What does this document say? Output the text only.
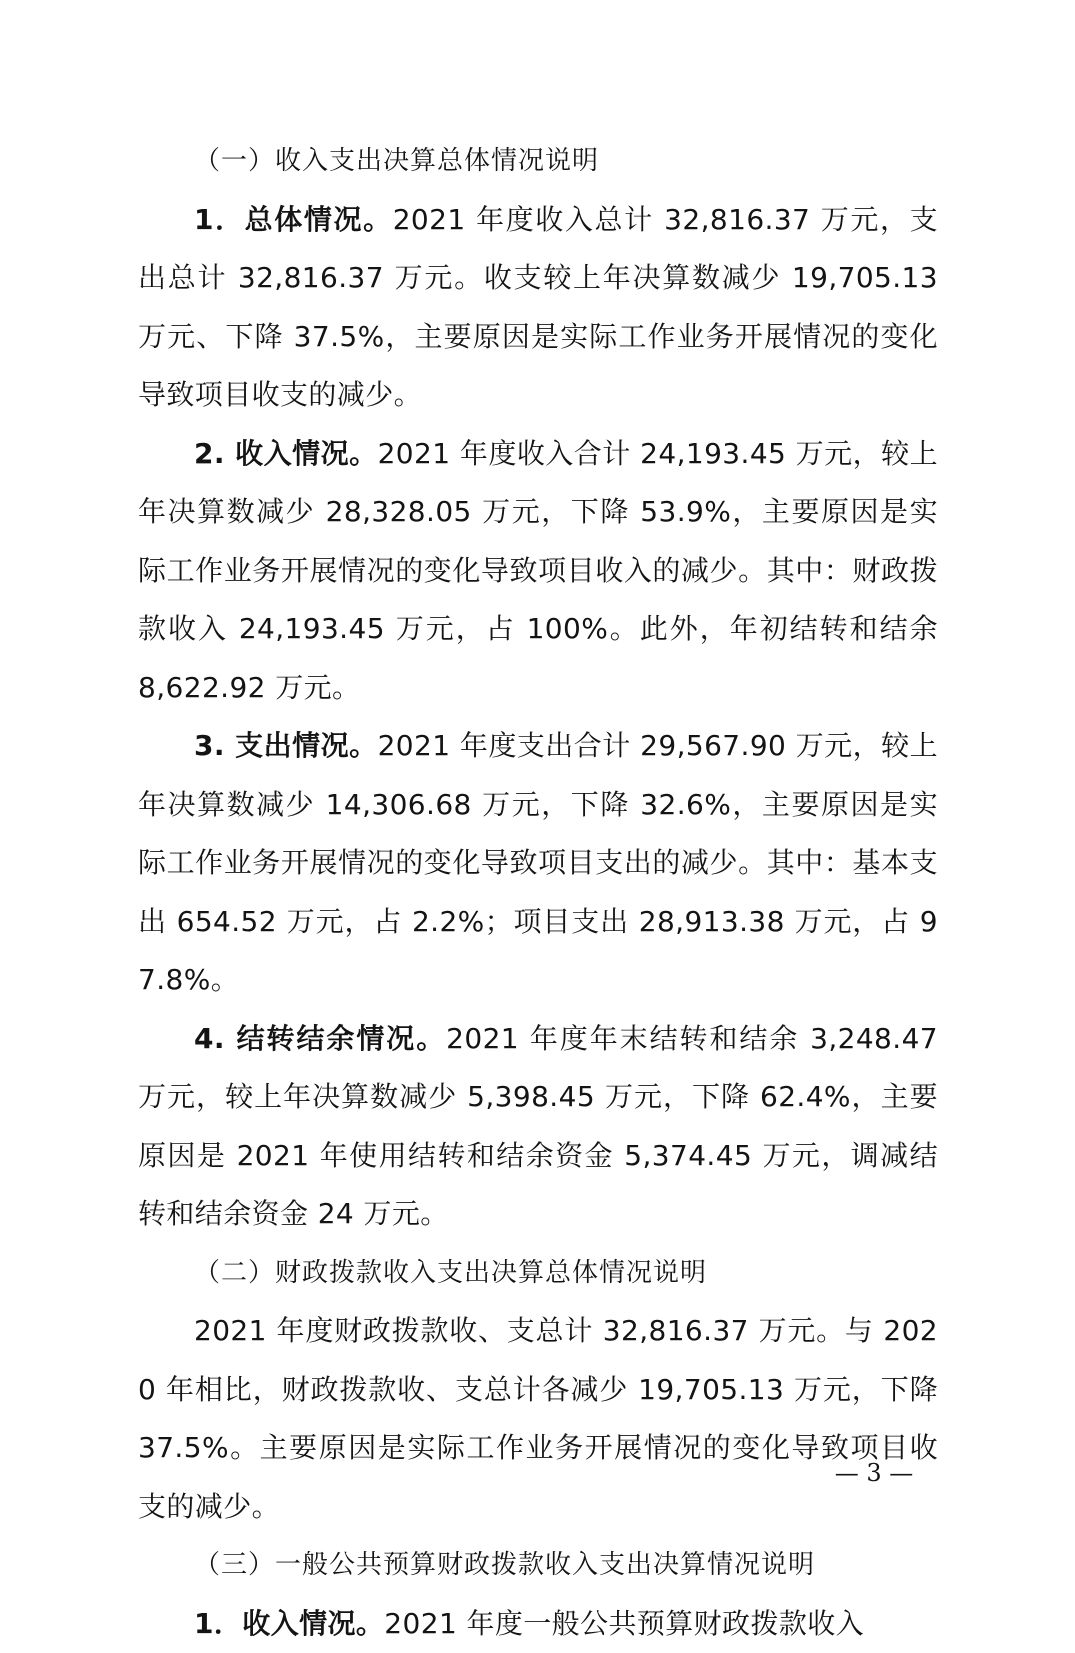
（一）收入支出决算总体情况说明

1．总体情况。2021 年度收入总计 32,816.37 万元，支出总计 32,816.37 万元。收支较上年决算数减少 19,705.13 万元、下降 37.5%，主要原因是实际工作业务开展情况的变化导致项目收支的减少。

2. 收入情况。2021 年度收入合计 24,193.45 万元，较上年决算数减少 28,328.05 万元，下降 53.9%，主要原因是实际工作业务开展情况的变化导致项目收入的减少。其中：财政拨款收入 24,193.45 万元，占 100%。此外，年初结转和结余 8,622.92 万元。

3. 支出情况。2021 年度支出合计 29,567.90 万元，较上年决算数减少 14,306.68 万元，下降 32.6%，主要原因是实际工作业务开展情况的变化导致项目支出的减少。其中：基本支出 654.52 万元，占 2.2%；项目支出 28,913.38 万元，占 97.8%。

4. 结转结余情况。2021 年度年末结转和结余 3,248.47 万元，较上年决算数减少 5,398.45 万元，下降 62.4%，主要原因是 2021 年使用结转和结余资金 5,374.45 万元，调减结转和结余资金 24 万元。

（二）财政拨款收入支出决算总体情况说明

2021 年度财政拨款收、支总计 32,816.37 万元。与 2020 年相比，财政拨款收、支总计各减少 19,705.13 万元，下降 37.5%。主要原因是实际工作业务开展情况的变化导致项目收支的减少。

（三）一般公共预算财政拨款收入支出决算情况说明

1．收入情况。2021 年度一般公共预算财政拨款收入

— 3 —
